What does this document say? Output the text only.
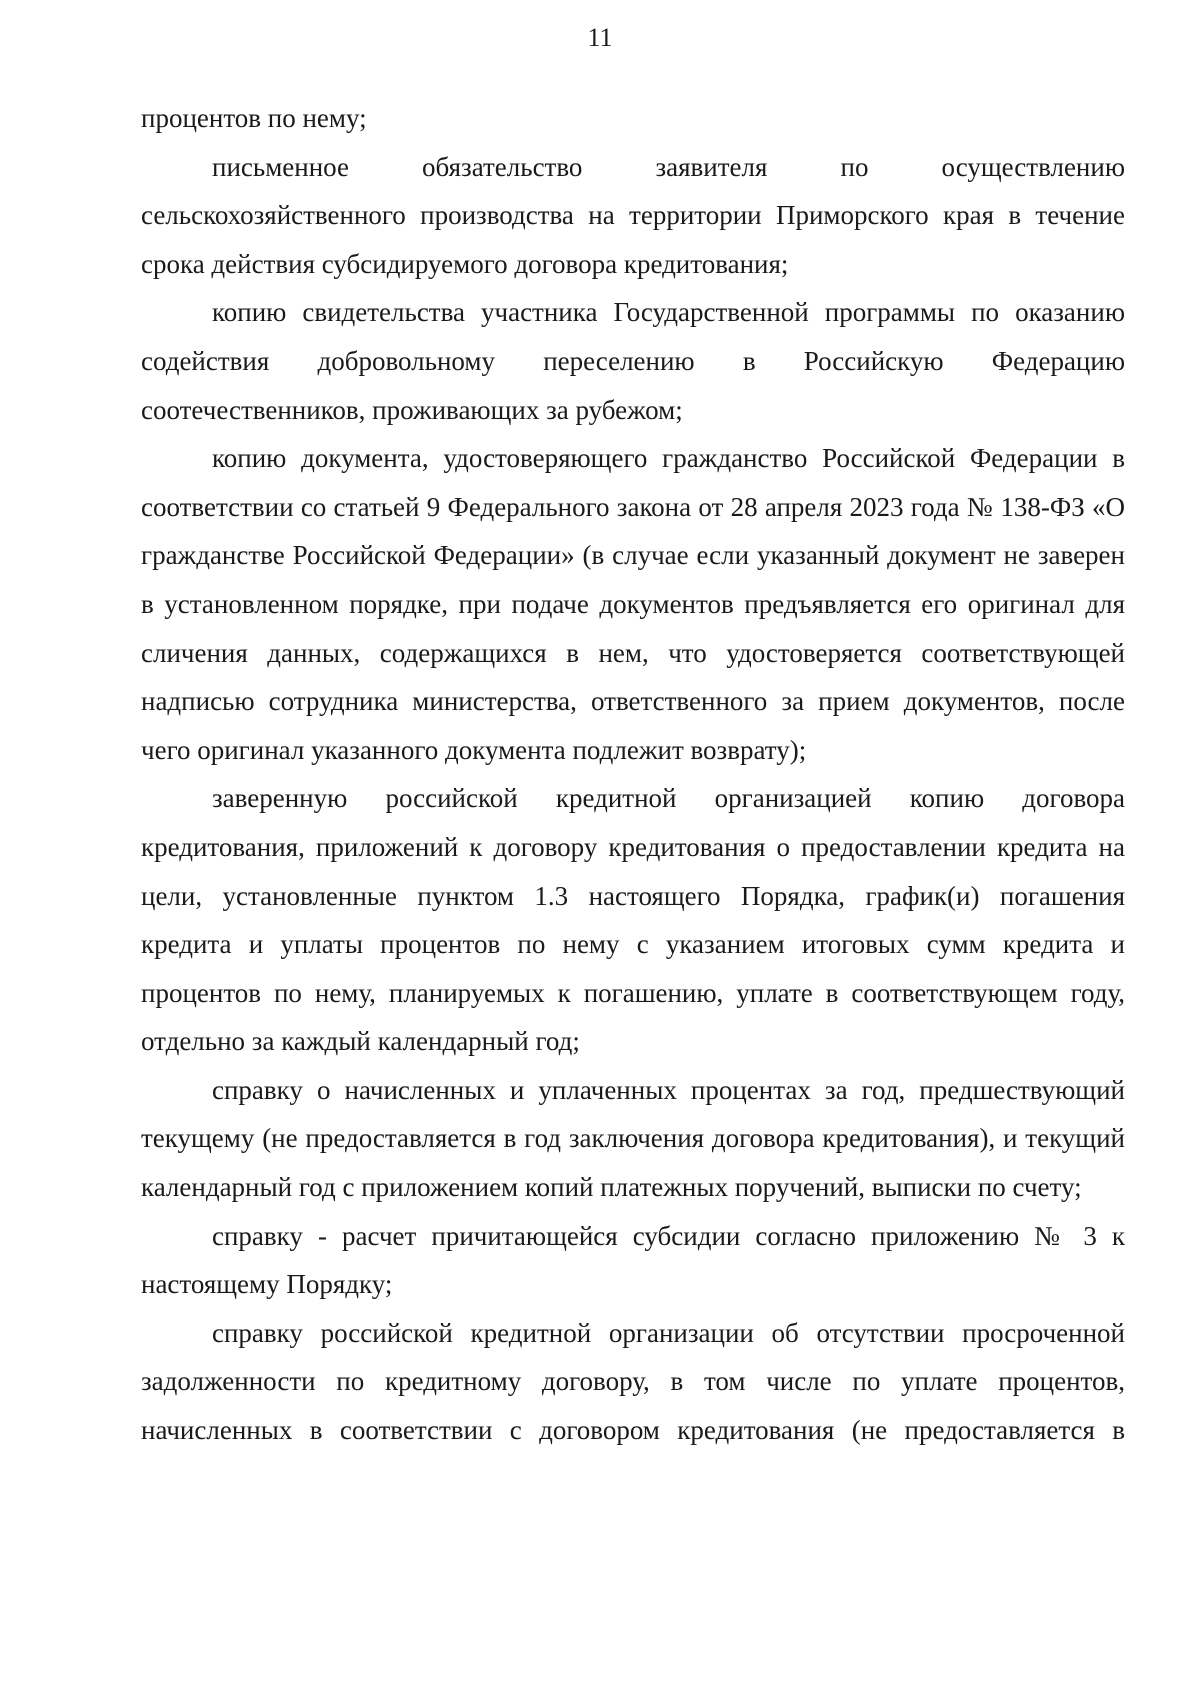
11

процентов по нему;

письменное обязательство заявителя по осуществлению сельскохозяйственного производства на территории Приморского края в течение срока действия субсидируемого договора кредитования;

копию свидетельства участника Государственной программы по оказанию содействия добровольному переселению в Российскую Федерацию соотечественников, проживающих за рубежом;

копию документа, удостоверяющего гражданство Российской Федерации в соответствии со статьей 9 Федерального закона от 28 апреля 2023 года № 138-ФЗ «О гражданстве Российской Федерации» (в случае если указанный документ не заверен в установленном порядке, при подаче документов предъявляется его оригинал для сличения данных, содержащихся в нем, что удостоверяется соответствующей надписью сотрудника министерства, ответственного за прием документов, после чего оригинал указанного документа подлежит возврату);

заверенную российской кредитной организацией копию договора кредитования, приложений к договору кредитования о предоставлении кредита на цели, установленные пунктом 1.3 настоящего Порядка, график(и) погашения кредита и уплаты процентов по нему с указанием итоговых сумм кредита и процентов по нему, планируемых к погашению, уплате в соответствующем году, отдельно за каждый календарный год;

справку о начисленных и уплаченных процентах за год, предшествующий текущему (не предоставляется в год заключения договора кредитования), и текущий календарный год с приложением копий платежных поручений, выписки по счету;

справку - расчет причитающейся субсидии согласно приложению № 3 к настоящему Порядку;

справку российской кредитной организации об отсутствии просроченной задолженности по кредитному договору, в том числе по уплате процентов, начисленных в соответствии с договором кредитования (не предоставляется в
